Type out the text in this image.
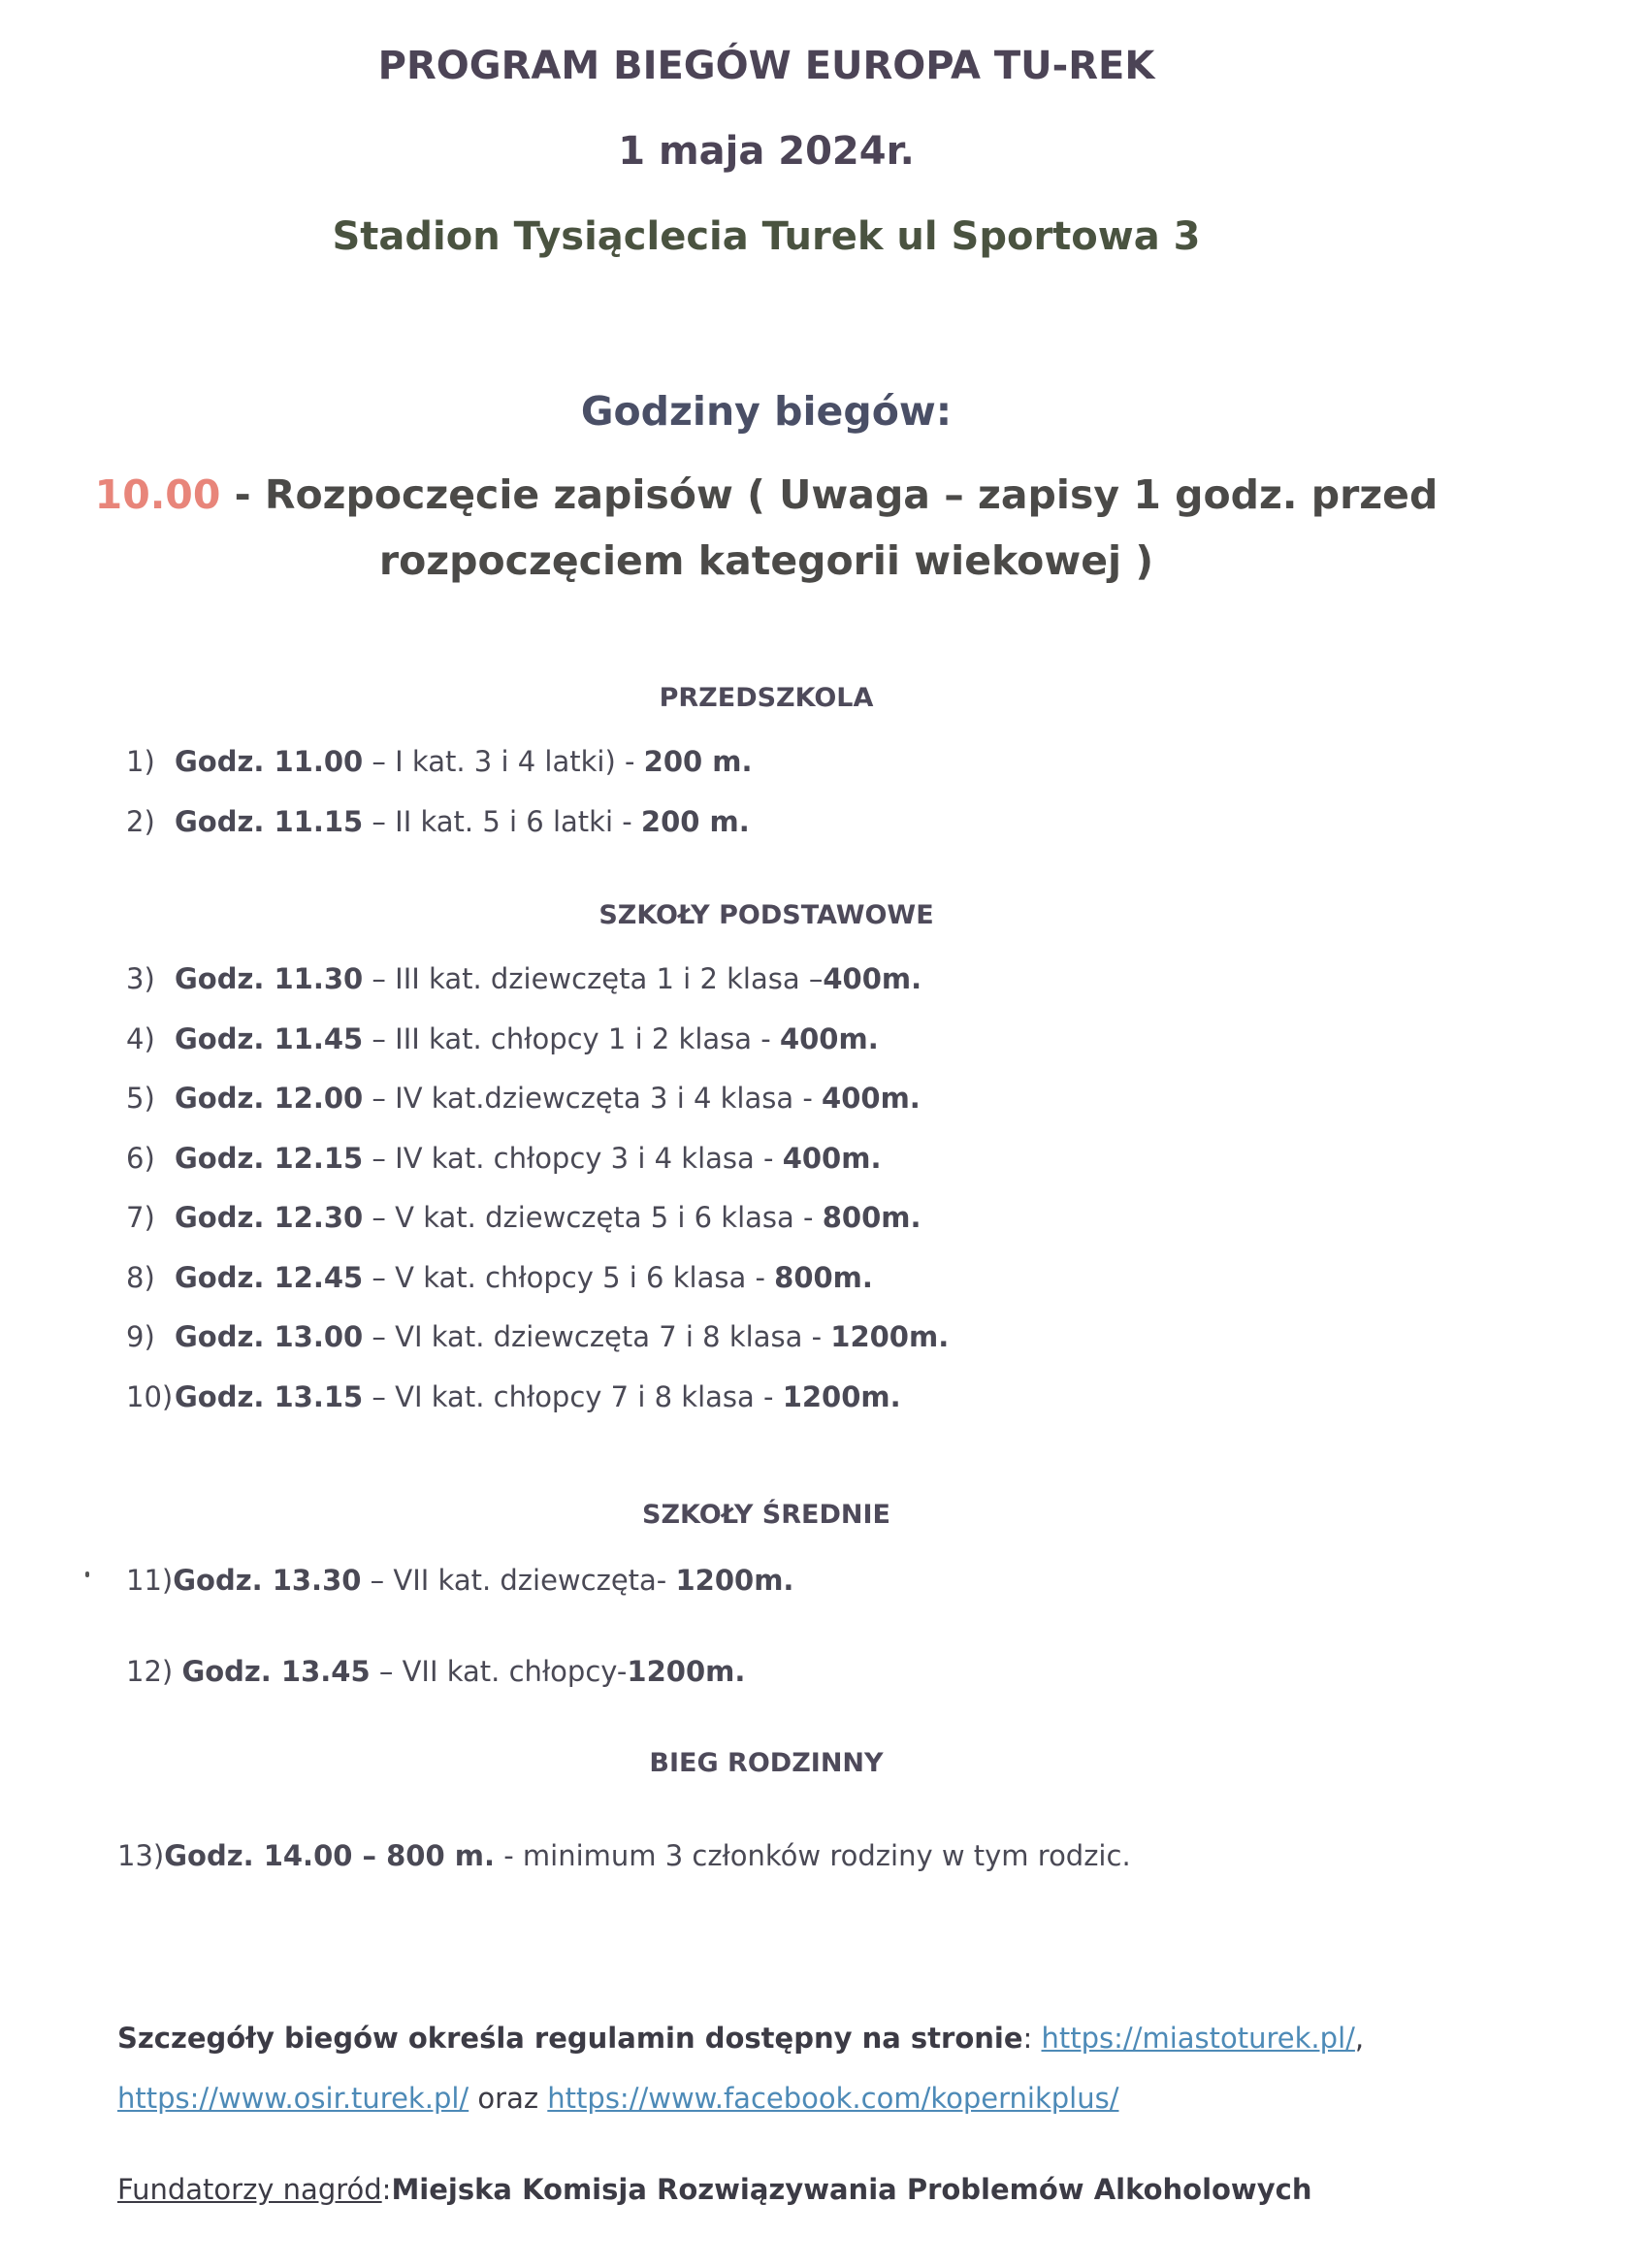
PROGRAM BIEGÓW EUROPA TU-REK
1 maja 2024r.
Stadion Tysiąclecia Turek ul Sportowa 3
Godziny biegów:
10.00 - Rozpoczęcie zapisów ( Uwaga – zapisy 1 godz. przed
rozpoczęciem kategorii wiekowej )
PRZEDSZKOLA
1) Godz. 11.00 – I kat. 3 i 4 latki) - 200 m.
2) Godz. 11.15 – II kat. 5 i 6 latki - 200 m.
SZKOŁY PODSTAWOWE
3) Godz. 11.30 – III kat. dziewczęta 1 i 2 klasa –400m.
4) Godz. 11.45 – III kat. chłopcy 1 i 2 klasa - 400m.
5) Godz. 12.00 – IV kat.dziewczęta 3 i 4 klasa - 400m.
6) Godz. 12.15 – IV kat. chłopcy 3 i 4 klasa - 400m.
7) Godz. 12.30 – V kat. dziewczęta 5 i 6 klasa - 800m.
8) Godz. 12.45 – V kat. chłopcy 5 i 6 klasa - 800m.
9) Godz. 13.00 – VI kat. dziewczęta 7 i 8 klasa - 1200m.
10)Godz. 13.15 – VI kat. chłopcy 7 i 8 klasa - 1200m.
SZKOŁY ŚREDNIE
11)Godz. 13.30 – VII kat. dziewczęta- 1200m.
12) Godz. 13.45 – VII kat. chłopcy-1200m.
BIEG RODZINNY
13)Godz. 14.00 – 800 m. - minimum 3 członków rodziny w tym rodzic.
Szczegóły biegów określa regulamin dostępny na stronie: https://miastoturek.pl/,
https://www.osir.turek.pl/ oraz https://www.facebook.com/kopernikplus/
Fundatorzy nagród:Miejska Komisja Rozwiązywania Problemów Alkoholowych
